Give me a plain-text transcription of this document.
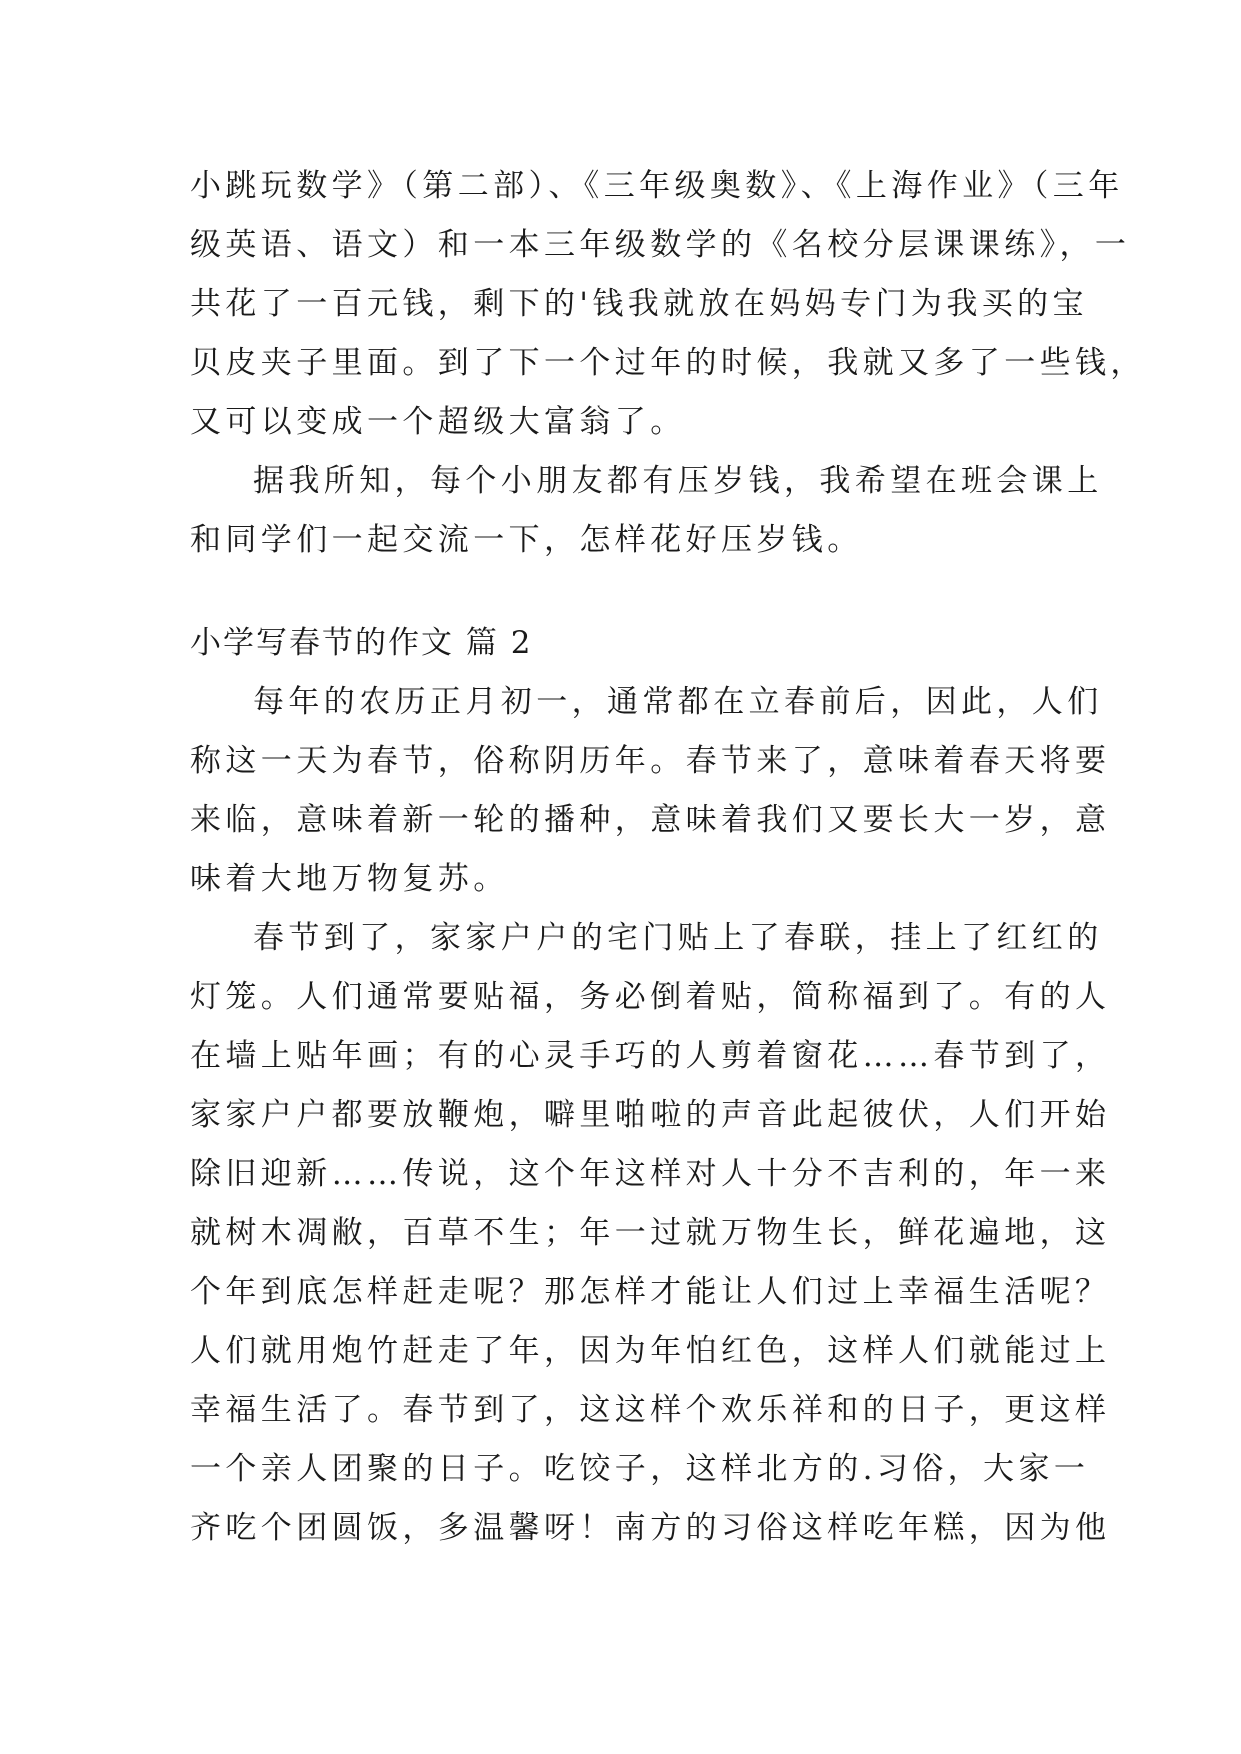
小跳玩数学》（第二部）、《三年级奥数》、《上海作业》（三年

级英语、语文）和一本三年级数学的《名校分层课课练》，一

共花了一百元钱，剩下的'钱我就放在妈妈专门为我买的宝

贝皮夹子里面。到了下一个过年的时候，我就又多了一些钱，

又可以变成一个超级大富翁了。

据我所知，每个小朋友都有压岁钱，我希望在班会课上

和同学们一起交流一下，怎样花好压岁钱。

小学写春节的作文 篇 2

每年的农历正月初一，通常都在立春前后，因此，人们

称这一天为春节，俗称阴历年。春节来了，意味着春天将要

来临，意味着新一轮的播种，意味着我们又要长大一岁，意

味着大地万物复苏。

春节到了，家家户户的宅门贴上了春联，挂上了红红的

灯笼。人们通常要贴福，务必倒着贴，简称福到了。有的人

在墙上贴年画；有的心灵手巧的人剪着窗花……春节到了，

家家户户都要放鞭炮，噼里啪啦的声音此起彼伏，人们开始

除旧迎新……传说，这个年这样对人十分不吉利的，年一来

就树木凋敝，百草不生；年一过就万物生长，鲜花遍地，这

个年到底怎样赶走呢？那怎样才能让人们过上幸福生活呢？

人们就用炮竹赶走了年，因为年怕红色，这样人们就能过上

幸福生活了。春节到了，这这样个欢乐祥和的日子，更这样

一个亲人团聚的日子。吃饺子，这样北方的.习俗，大家一

齐吃个团圆饭，多温馨呀！南方的习俗这样吃年糕，因为他
